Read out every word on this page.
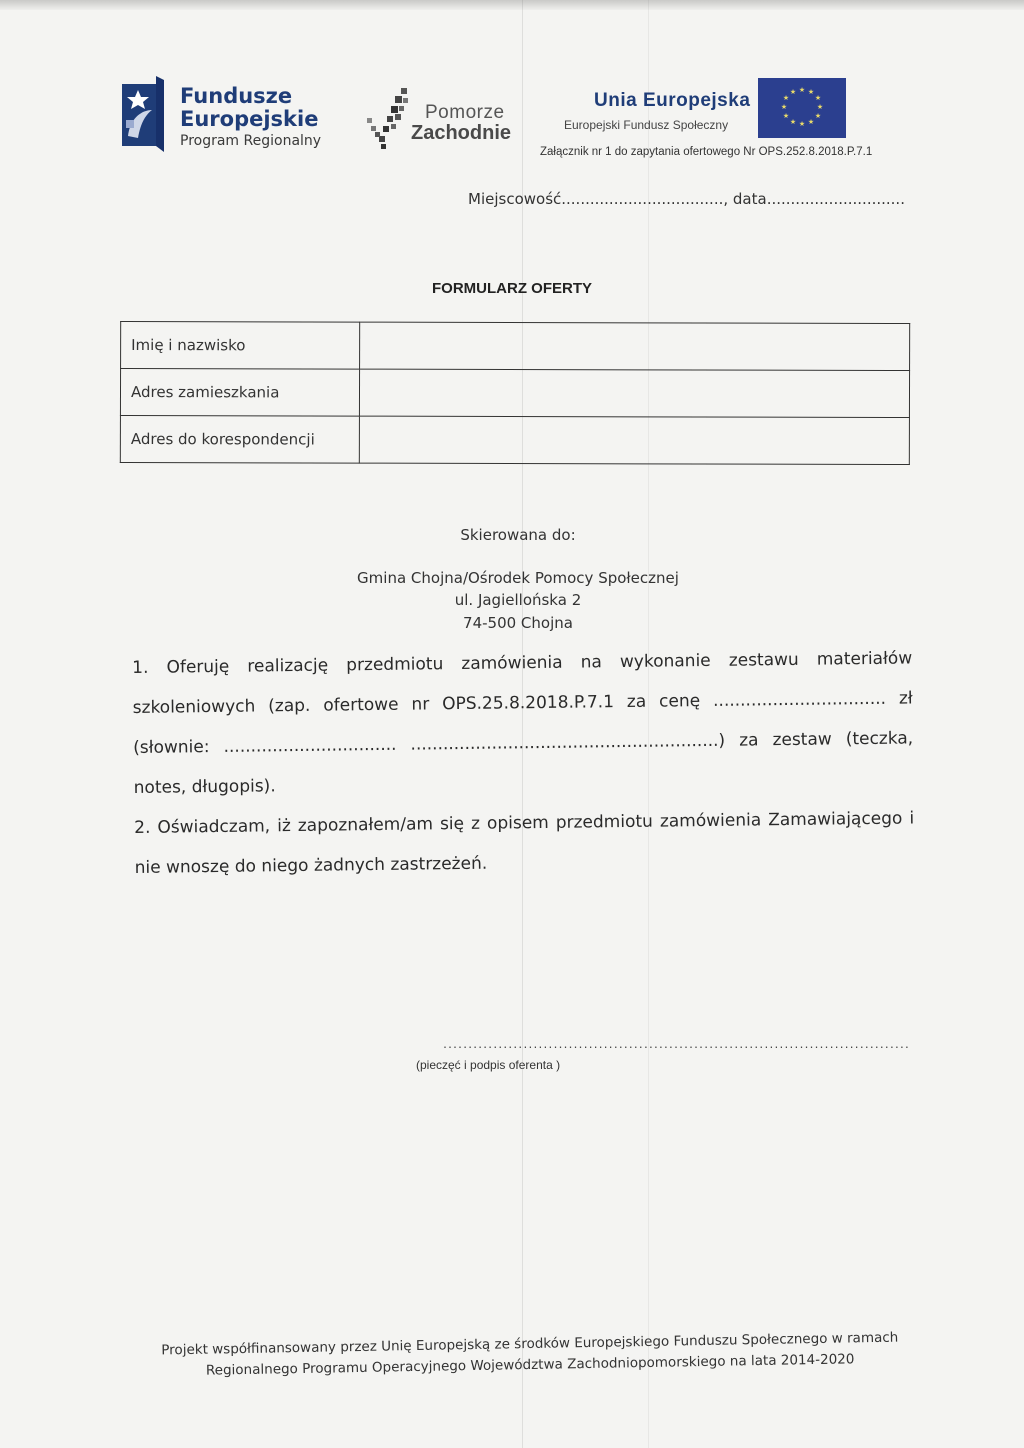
Fundusze
Europejskie
Program Regionalny
Pomorze
Zachodnie
Unia Europejska
Europejski Fundusz Społeczny
★ ★
★
★
★
★
★
★
★
★
★
★
Załącznik nr 1 do zapytania ofertowego Nr OPS.252.8.2018.P.7.1
Miejscowość.................................., data.............................
FORMULARZ OFERTY
Imię i nazwisko	
Adres zamieszkania	
Adres do korespondencji	
Skierowana do:
Gmina Chojna/Ośrodek Pomocy Społecznej
ul. Jagiellońska 2
74-500 Chojna

1. Oferuję realizację przedmiotu zamówienia na wykonanie zestawu materiałów szkoleniowych (zap. ofertowe nr OPS.25.8.2018.P.7.1 za cenę ................................ zł (słownie: ................................ .........................................................) za zestaw (teczka, notes, długopis).

2. Oświadczam, iż zapoznałem/am się z opisem przedmiotu zamówienia Zamawiającego i nie wnoszę do niego żadnych zastrzeżeń.

.............................................................................................
(pieczęć i podpis oferenta )
Projekt współfinansowany przez Unię Europejską ze środków Europejskiego Funduszu Społecznego w ramach
Regionalnego Programu Operacyjnego Województwa Zachodniopomorskiego na lata 2014-2020
